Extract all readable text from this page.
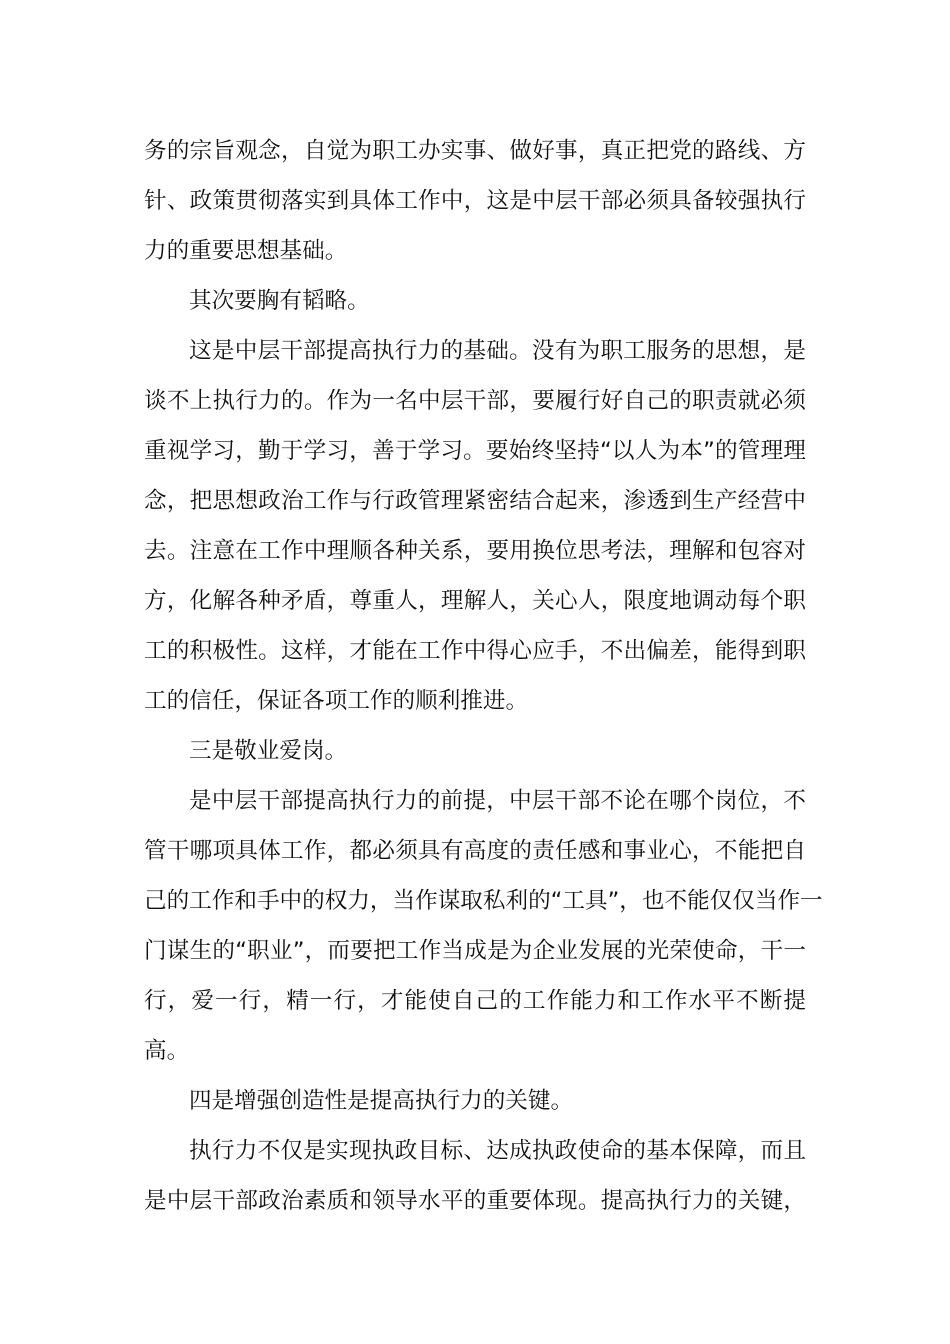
务的宗旨观念，自觉为职工办实事、做好事，真正把党的路线、方
针、政策贯彻落实到具体工作中，这是中层干部必须具备较强执行
力的重要思想基础。
其次要胸有韬略。
这是中层干部提高执行力的基础。没有为职工服务的思想，是
谈不上执行力的。作为一名中层干部，要履行好自己的职责就必须
重视学习，勤于学习，善于学习。要始终坚持“以人为本”的管理理
念，把思想政治工作与行政管理紧密结合起来，渗透到生产经营中
去。注意在工作中理顺各种关系，要用换位思考法，理解和包容对
方，化解各种矛盾，尊重人，理解人，关心人，限度地调动每个职
工的积极性。这样，才能在工作中得心应手，不出偏差，能得到职
工的信任，保证各项工作的顺利推进。
三是敬业爱岗。
是中层干部提高执行力的前提，中层干部不论在哪个岗位，不
管干哪项具体工作，都必须具有高度的责任感和事业心，不能把自
己的工作和手中的权力，当作谋取私利的“工具”，也不能仅仅当作一
门谋生的“职业”，而要把工作当成是为企业发展的光荣使命，干一
行，爱一行，精一行，才能使自己的工作能力和工作水平不断提
高。
四是增强创造性是提高执行力的关键。
执行力不仅是实现执政目标、达成执政使命的基本保障，而且
是中层干部政治素质和领导水平的重要体现。提高执行力的关键，
